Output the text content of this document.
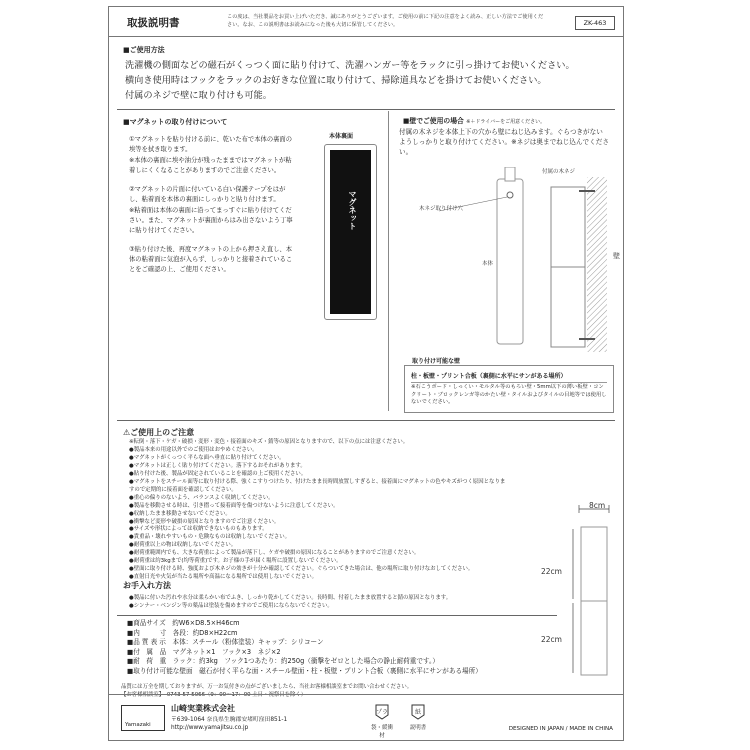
取扱説明書	この度は、当社製品をお買い上げいただき、誠にありがとうございます。ご使用の前に下記の注意をよく読み、正しい方法でご使用ください。なお、この説明書はお読みになった後も大切に保管してください。	ZK-463
■ご使用方法
洗濯機の側面などの磁石がくっつく面に貼り付けて、洗濯ハンガー等をラックに引っ掛けてお使いください。
横向き使用時はフックをラックのお好きな位置に取り付けて、掃除道具などを掛けてお使いください。
付属のネジで壁に取り付けも可能。
■マグネットの取り付けについて

①マグネットを貼り付ける前に、乾いた布で本体の裏面の埃等を拭き取ります。

※本体の裏面に埃や油分が残ったままではマグネットが粘着しにくくなることがありますのでご注意ください。

②マグネットの片面に付いている白い保護テープをはがし、粘着面を本体の裏面にしっかりと貼り付けます。

※粘着面は本体の裏面に沿ってまっすぐに貼り付けてください。また、マグネットが裏面からはみ出さないよう丁寧に貼り付けてください。

③貼り付けた後、再度マグネットの上から押さえ直し、本体の粘着面に気泡が入らず、しっかりと接着されていることをご確認の上、ご使用ください。

本体裏面
マグネット
■壁でご使用の場合 ※＋ドライバーをご用意ください。
付属の木ネジを本体上下の穴から壁にねじ込みます。ぐらつきがないようしっかりと取り付けてください。※ネジは奥までねじ込んでください。
付属の木ネジ
木ネジ取り付け穴
本体
壁
取り付け可能な壁
柱・板壁・プリント合板（裏側に水平にサンがある場所）
※石こうボード・しっくい・モルタル等のもろい壁・5mm以下の薄い板壁・コンクリート・ブロックレンガ等のかたい壁・タイルおよびタイルの目地等では使用しないでください。
⚠ご使用上のご注意
※転倒・落下・ケガ・破損・変形・変色・接着面のキズ・錆等の原因となりますので、以下の点には注意ください。
●製品本来の用途以外でのご使用はおやめください。
●マグネットがくっつく平らな面へ垂直に貼り付けてください。
●マグネットは正しく貼り付けてください。落下するおそれがあります。
●貼り付けた後、製品が固定されていることを確認の上ご使用ください。
●マグネットをスチール面等に取り付ける際、強くこすりつけたり、付けたまま長時間放置しすぎると、接着面にマグネットの色やキズがつく原因となりますので定期的に接着面を確認してください。
●重心の偏りのないよう、バランスよく収納してください。
●製品を移動させる時は、引き摺って接着面等を傷つけないように注意してください。
●収納したまま移動させないでください。
●衝撃など変形や破損の原因となりますのでご注意ください。
●サイズや形状によっては収納できないものもあります。
●貴重品・壊れやすいもの・危険なものは収納しないでください。
●耐荷重以上の物は収納しないでください。
●耐荷重範囲内でも、大きな荷重によって製品が落下し、ケガや破損の原因になることがありますのでご注意ください。
●耐荷重は約3kgまで(均等荷重)です。お子様の手が届く場所に設置しないでください。
●壁面に取り付ける時、強度および木ネジの効きが十分か確認してください。ぐらついてきた場合は、他の場所に取り付けなおしてください。
●直射日光や火気が当たる場所や高温になる場所では使用しないでください。
お手入れ方法
●製品に付いた汚れや水分は柔らかい布でふき、しっかり乾かしてください。長時間、付着したまま放置すると錆の原因となります。
●シンナー・ベンジン等の薬品は塗装を傷めますのでご使用にならないでください。
■商品サイズ　約W6×D8.5×H46cm
■内　　　寸　各段：約D8×H22cm
■品 質 表 示　本体：スチール（粉体塗装）キャップ：シリコーン
■付　属　品　マグネット×1　フック×3　ネジ×2
■耐　荷　重　ラック：約3kg　フック1つあたり：約250g（衝撃をゼロとした場合の静止耐荷重です。）
■取り付け可能な壁面　磁石が付く平らな面・スチール壁面・柱・板壁・プリント合板（裏側に水平にサンがある場所）
8cm
22cm
22cm
品質には万全を期しておりますが、万一お気付きの点がございましたら、当社お客様相談室までお問い合わせください。
【お客様相談室】　0743-57-5066（9：00〜17：00 土日・祝祭日を除く）
Yamazaki
山崎実業株式会社
〒639-1064 奈良県生駒郡安堵町窪田851-1
http://www.yamajitsu.co.jp
プラ
袋・緩衝材
紙
説明書	DESIGNED IN JAPAN / MADE IN CHINA
